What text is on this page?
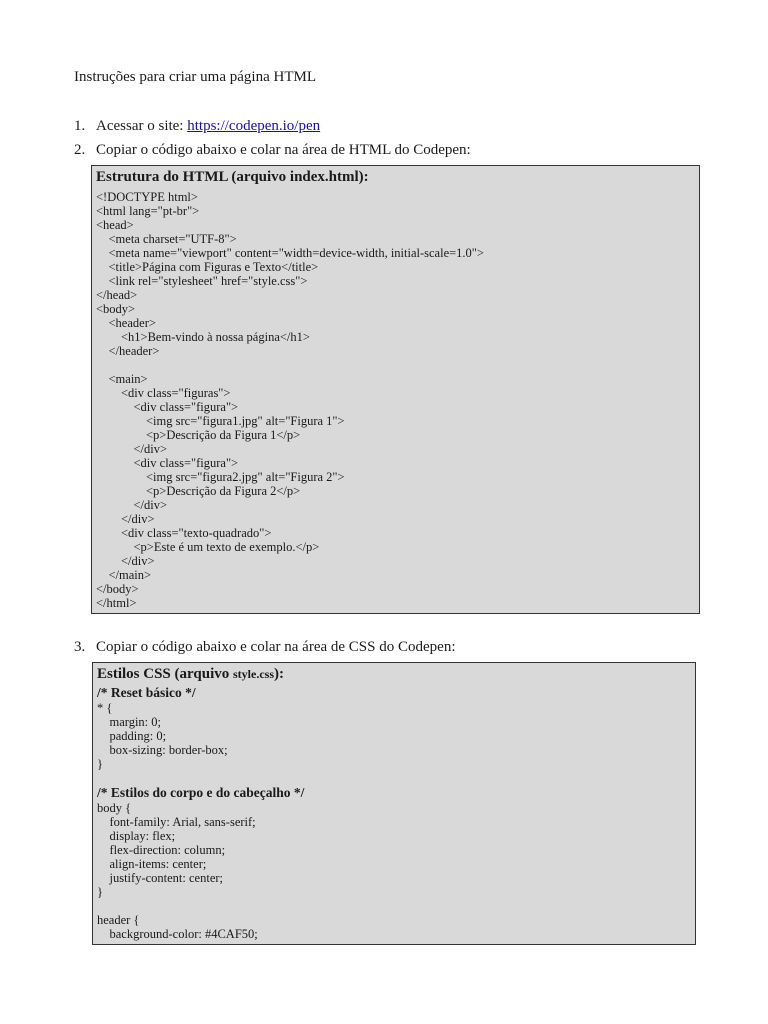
Instruções para criar uma página HTML
1. Acessar o site: https://codepen.io/pen
2. Copiar o código abaixo e colar na área de HTML do Codepen:
Estrutura do HTML (arquivo index.html):
<!DOCTYPE html>
<html lang="pt-br">
<head>
<meta charset="UTF-8">
<meta name="viewport" content="width=device-width, initial-scale=1.0">
<title>Página com Figuras e Texto</title>
<link rel="stylesheet" href="style.css">
</head>
<body>
<header>
<h1>Bem-vindo à nossa página</h1>
</header>
<main>
<div class="figuras">
<div class="figura">
<img src="figura1.jpg" alt="Figura 1">
<p>Descrição da Figura 1</p>
</div>
<div class="figura">
<img src="figura2.jpg" alt="Figura 2">
<p>Descrição da Figura 2</p>
</div>
</div>
<div class="texto-quadrado">
<p>Este é um texto de exemplo.</p>
</div>
</main>
</body>
</html>
3. Copiar o código abaixo e colar na área de CSS do Codepen:
Estilos CSS (arquivo style.css):
/* Reset básico */
* {
margin: 0;
padding: 0;
box-sizing: border-box;
}
/* Estilos do corpo e do cabeçalho */
body {
font-family: Arial, sans-serif;
display: flex;
flex-direction: column;
align-items: center;
justify-content: center;
}
header {
background-color: #4CAF50;
